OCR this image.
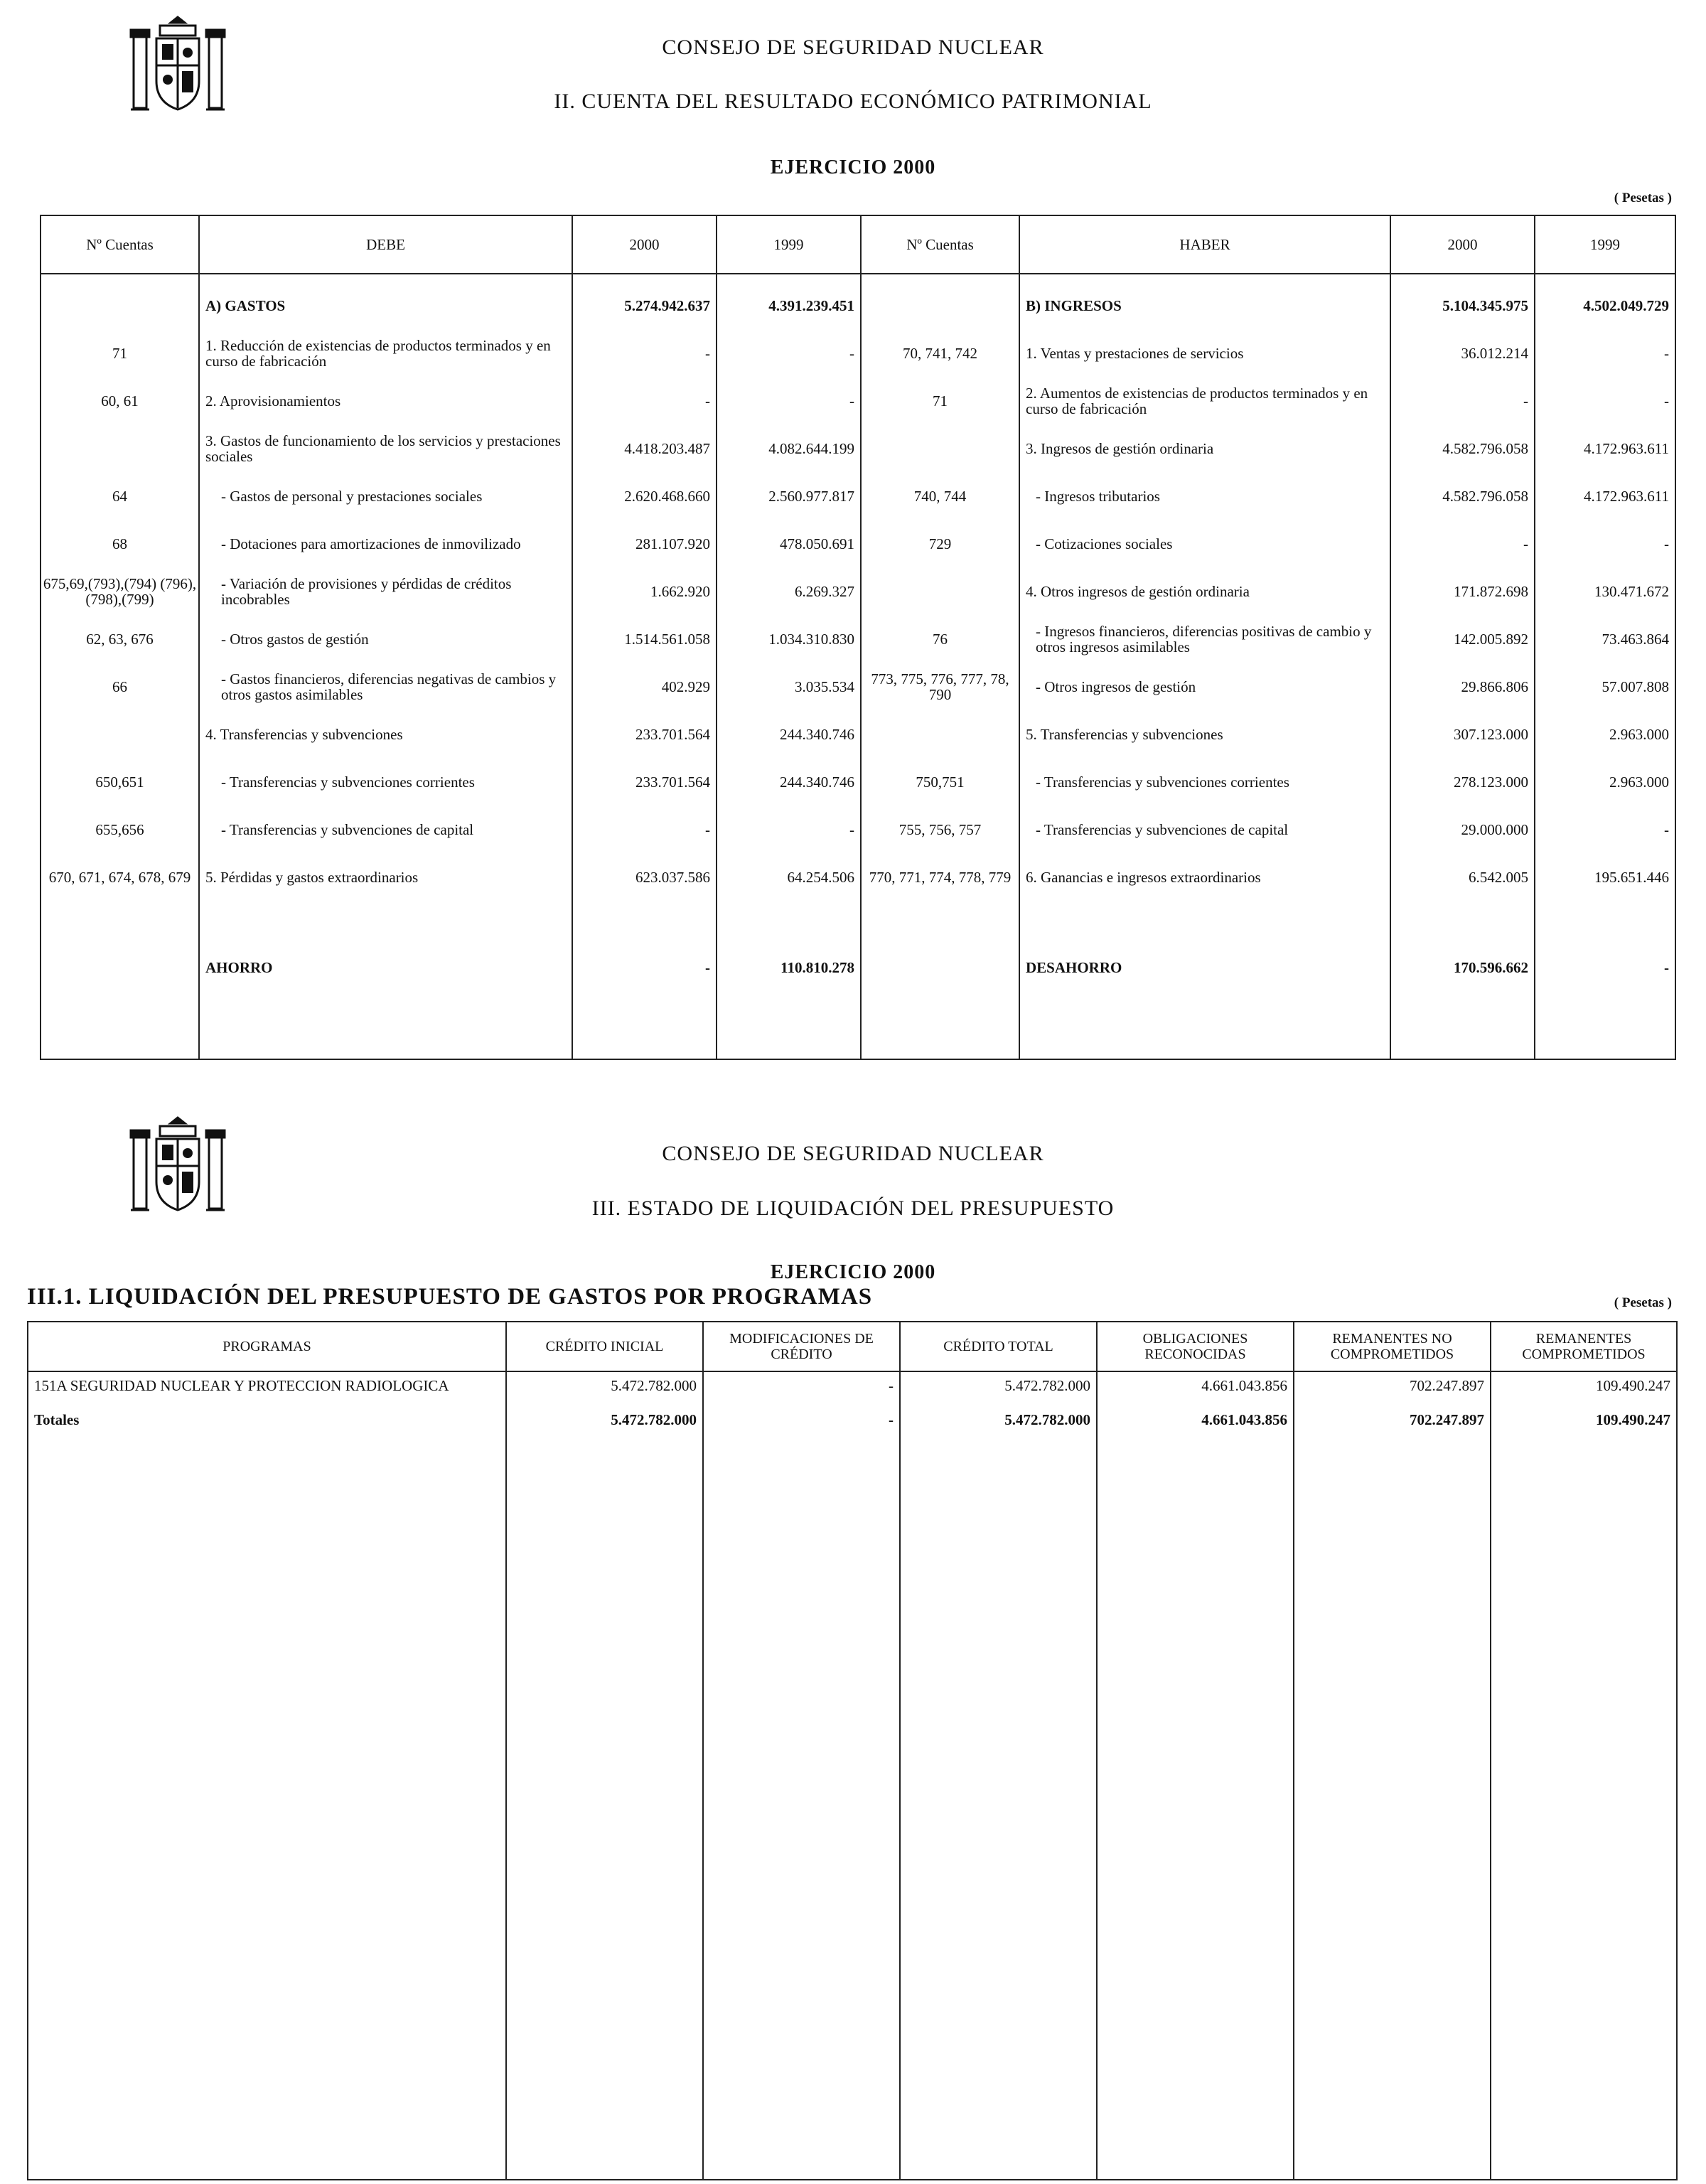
CONSEJO DE SEGURIDAD NUCLEAR
II. CUENTA DEL RESULTADO ECONÓMICO PATRIMONIAL
EJERCICIO 2000
( Pesetas )
Nº Cuentas	DEBE	2000	1999	Nº Cuentas	HABER	2000	1999
	A) GASTOS	5.274.942.637	4.391.239.451		B) INGRESOS	5.104.345.975	4.502.049.729
71	1. Reducción de existencias de productos terminados y en curso de fabricación	-	-	70, 741, 742	1. Ventas y prestaciones de servicios	36.012.214	-
60, 61	2. Aprovisionamientos	-	-	71	2. Aumentos de existencias de productos terminados y en curso de fabricación	-	-
	3. Gastos de funcionamiento de los servicios y prestaciones sociales	4.418.203.487	4.082.644.199		3. Ingresos de gestión ordinaria	4.582.796.058	4.172.963.611
64	- Gastos de personal y prestaciones sociales	2.620.468.660	2.560.977.817	740, 744	- Ingresos tributarios	4.582.796.058	4.172.963.611
68	- Dotaciones para amortizaciones de inmovilizado	281.107.920	478.050.691	729	- Cotizaciones sociales	-	-
675,69,(793),(794) (796),(798),(799)	- Variación de provisiones y pérdidas de créditos incobrables	1.662.920	6.269.327		4. Otros ingresos de gestión ordinaria	171.872.698	130.471.672
62, 63, 676	- Otros gastos de gestión	1.514.561.058	1.034.310.830	76	- Ingresos financieros, diferencias positivas de cambio y otros ingresos asimilables	142.005.892	73.463.864
66	- Gastos financieros, diferencias negativas de cambios y otros gastos asimilables	402.929	3.035.534	773, 775, 776, 777, 78, 790	- Otros ingresos de gestión	29.866.806	57.007.808
	4. Transferencias y subvenciones	233.701.564	244.340.746		5. Transferencias y subvenciones	307.123.000	2.963.000
650,651	- Transferencias y subvenciones corrientes	233.701.564	244.340.746	750,751	- Transferencias y subvenciones corrientes	278.123.000	2.963.000
655,656	- Transferencias y subvenciones de capital	-	-	755, 756, 757	- Transferencias y subvenciones de capital	29.000.000	-
670, 671, 674, 678, 679	5. Pérdidas y gastos extraordinarios	623.037.586	64.254.506	770, 771, 774, 778, 779	6. Ganancias e ingresos extraordinarios	6.542.005	195.651.446

	AHORRO	-	110.810.278		DESAHORRO	170.596.662	-

CONSEJO DE SEGURIDAD NUCLEAR
III. ESTADO DE LIQUIDACIÓN DEL PRESUPUESTO
EJERCICIO 2000
III.1. LIQUIDACIÓN DEL PRESUPUESTO DE GASTOS POR PROGRAMAS	( Pesetas )
PROGRAMAS	CRÉDITO INICIAL	MODIFICACIONES DE CRÉDITO	CRÉDITO TOTAL	OBLIGACIONES RECONOCIDAS	REMANENTES NO COMPROMETIDOS	REMANENTES COMPROMETIDOS
151A SEGURIDAD NUCLEAR Y PROTECCION RADIOLOGICA	5.472.782.000	-	5.472.782.000	4.661.043.856	702.247.897	109.490.247
Totales	5.472.782.000	-	5.472.782.000	4.661.043.856	702.247.897	109.490.247
